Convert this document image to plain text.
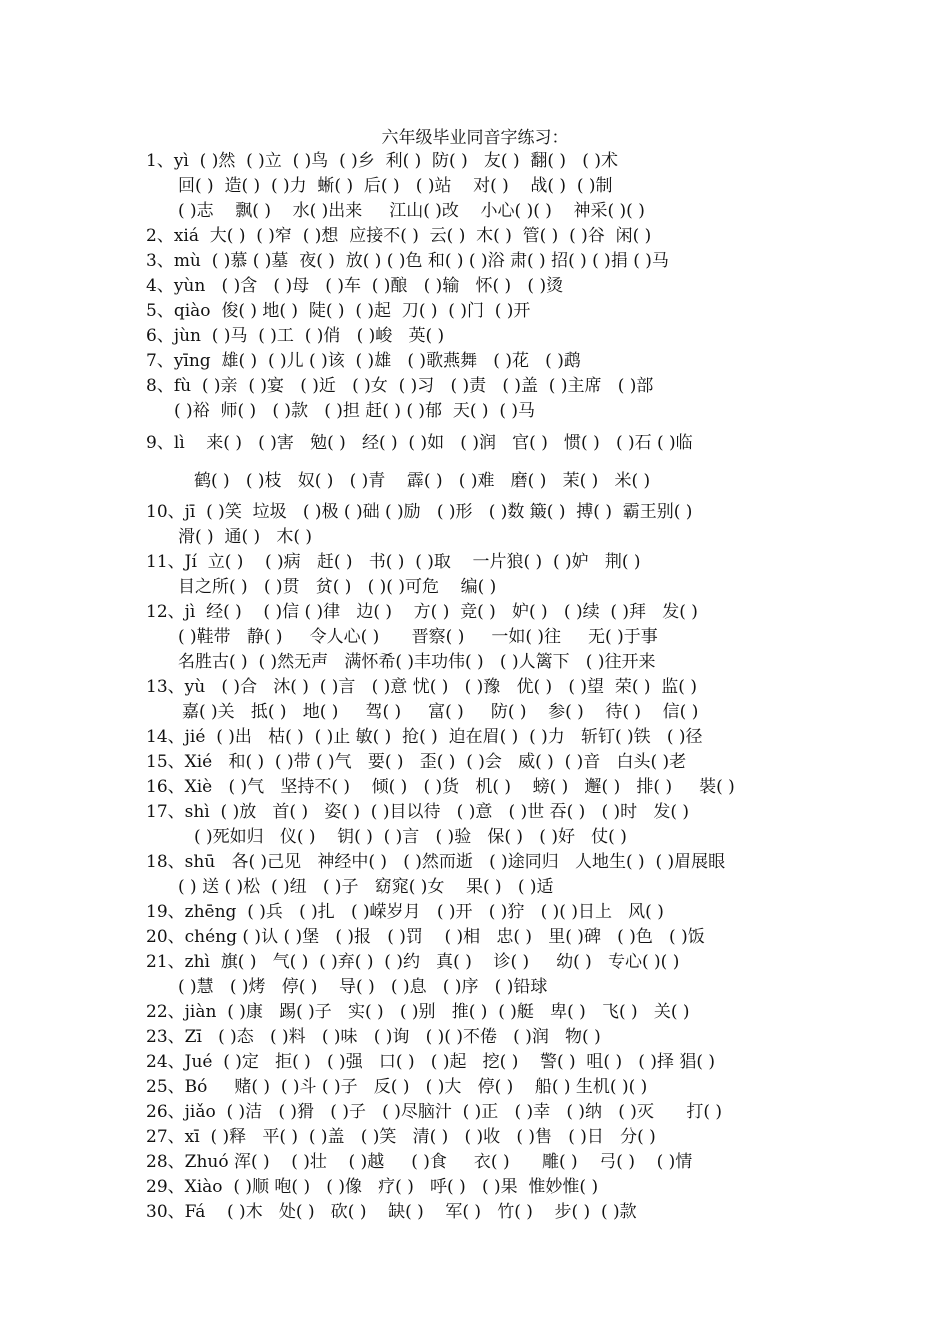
六年级毕业同音字练习：
1、yì  ( )然  ( )立  ( )鸟  ( )乡  利( )  防( )   友( )  翻( )   ( )术
回( )  造( )  ( )力  蜥( )  后( )   ( )站    对( )    战( )  ( )制
( )志    飘( )    水( )出来     江山( )改    小心( )( )    神采( )( )
2、xiá  大( )  ( )窄  ( )想  应接不( )  云( )  木( )  管( )  ( )谷  闲( )
3、mù  ( )慕 ( )墓  夜( )  放( ) ( )色 和( ) ( )浴 肃( ) 招( ) ( )捐 ( )马
4、yùn   ( )含   ( )母   ( )车  ( )酿   ( )输   怀( )   ( )烫
5、qiào  俊( ) 地( )  陡( )  ( )起  刀( )  ( )门  ( )开
6、jùn  ( )马  ( )工  ( )俏   ( )峻   英( )
7、yīng  雄( )  ( )儿 ( )该  ( )雄   ( )歌燕舞   ( )花   ( )鹉
8、fù  ( )亲  ( )宴   ( )近   ( )女  ( )习   ( )责   ( )盖  ( )主席   ( )部
( )裕  师( )   ( )款   ( )担 赶( ) ( )郁  天( )  ( )马
9、lì    来( )   ( )害   勉( )   经( )  ( )如   ( )润   官( )   惯( )   ( )石 ( )临
鹤( )   ( )枝   奴( )   ( )青    霹( )   ( )难   磨( )   茉( )   米( )
10、jī  ( )笑  垃圾   ( )极 ( )础 ( )励   ( )形   ( )数 簸( )  搏( )  霸王别( )
滑( )  通( )   木( )
11、Jí  立( )    ( )病   赶( )   书( )  ( )取    一片狼( )  ( )妒   荆( )
目之所( )   ( )贯   贫( )   ( )( )可危    编( )
12、jì  经( )    ( )信 ( )律   边( )    方( )  竞( )   妒( )   ( )续  ( )拜   发( )
( )鞋带   静( )     令人心( )      晋察( )     一如( )往     无( )于事
名胜古( )  ( )然无声   满怀希( )丰功伟( )   ( )人篱下   ( )往开来
13、yù   ( )合   沐( )  ( )言   ( )意 忧( )   ( )豫   优( )   ( )望  荣( )  监( )
嘉( )关   抵( )   地( )     驾( )     富( )     防( )    参( )    待( )    信( )
14、jié  ( )出   枯( )  ( )止 敏( )  抢( )  迫在眉( )  ( )力   斩钉( )铁   ( )径
15、Xié   和( )  ( )带 ( )气   要( )   歪( )  ( )会   威( )  ( )音   白头( )老
16、Xiè   ( )气   坚持不( )    倾( )   ( )货   机( )    螃( )   邂( )   排( )     裝( )
17、shì  ( )放   首( )   姿( )  ( )目以待   ( )意   ( )世 吞( )   ( )时   发( )
( )死如归   仪( )    钥( )  ( )言   ( )验   保( )   ( )好   仗( )
18、shū   各( )己见   神经中( )   ( )然而逝   ( )途同归   人地生( )  ( )眉展眼
( ) 送 ( )松  ( )纽   ( )子   窈窕( )女    果( )   ( )适
19、zhēng  ( )兵   ( )扎   ( )嵘岁月   ( )开   ( )狞   ( )( )日上   风( )
20、chéng ( )认 ( )堡   ( )报   ( )罚    ( )相   忠( )   里( )碑   ( )色   ( )饭
21、zhì  旗( )   气( )  ( )弃( )  ( )约   真( )    诊( )     幼( )   专心( )( )
( )慧   ( )烤   停( )    导( )   ( )息   ( )序   ( )铅球
22、jiàn  ( )康   踢( )子   实( )   ( )别   推( )  ( )艇   卑( )   飞( )   关( )
23、Zī   ( )态   ( )料   ( )味   ( )询   ( )( )不倦   ( )润   物( )
24、Jué  ( )定   拒( )   ( )强   口( )   ( )起   挖( )    警( )  咀( )   ( )择 猖( )
25、Bó     赌( )  ( )斗 ( )子   反( )   ( )大   停( )    船( ) 生机( )( )
26、jiǎo  ( )洁   ( )猾   ( )子   ( )尽脑汁  ( )正   ( )幸   ( )纳   ( )灭      打( )
27、xī  ( )释   平( )  ( )盖   ( )笑   清( )   ( )收   ( )售   ( )日   分( )
28、Zhuó 浑( )    ( )壮    ( )越     ( )食     衣( )      雕( )    弓( )    ( )情
29、Xiào  ( )顺 咆( )   ( )像   疗( )   呼( )   ( )果  惟妙惟( )
30、Fá    ( )木   处( )   砍( )    缺( )    军( )   竹( )    步( )  ( )款
